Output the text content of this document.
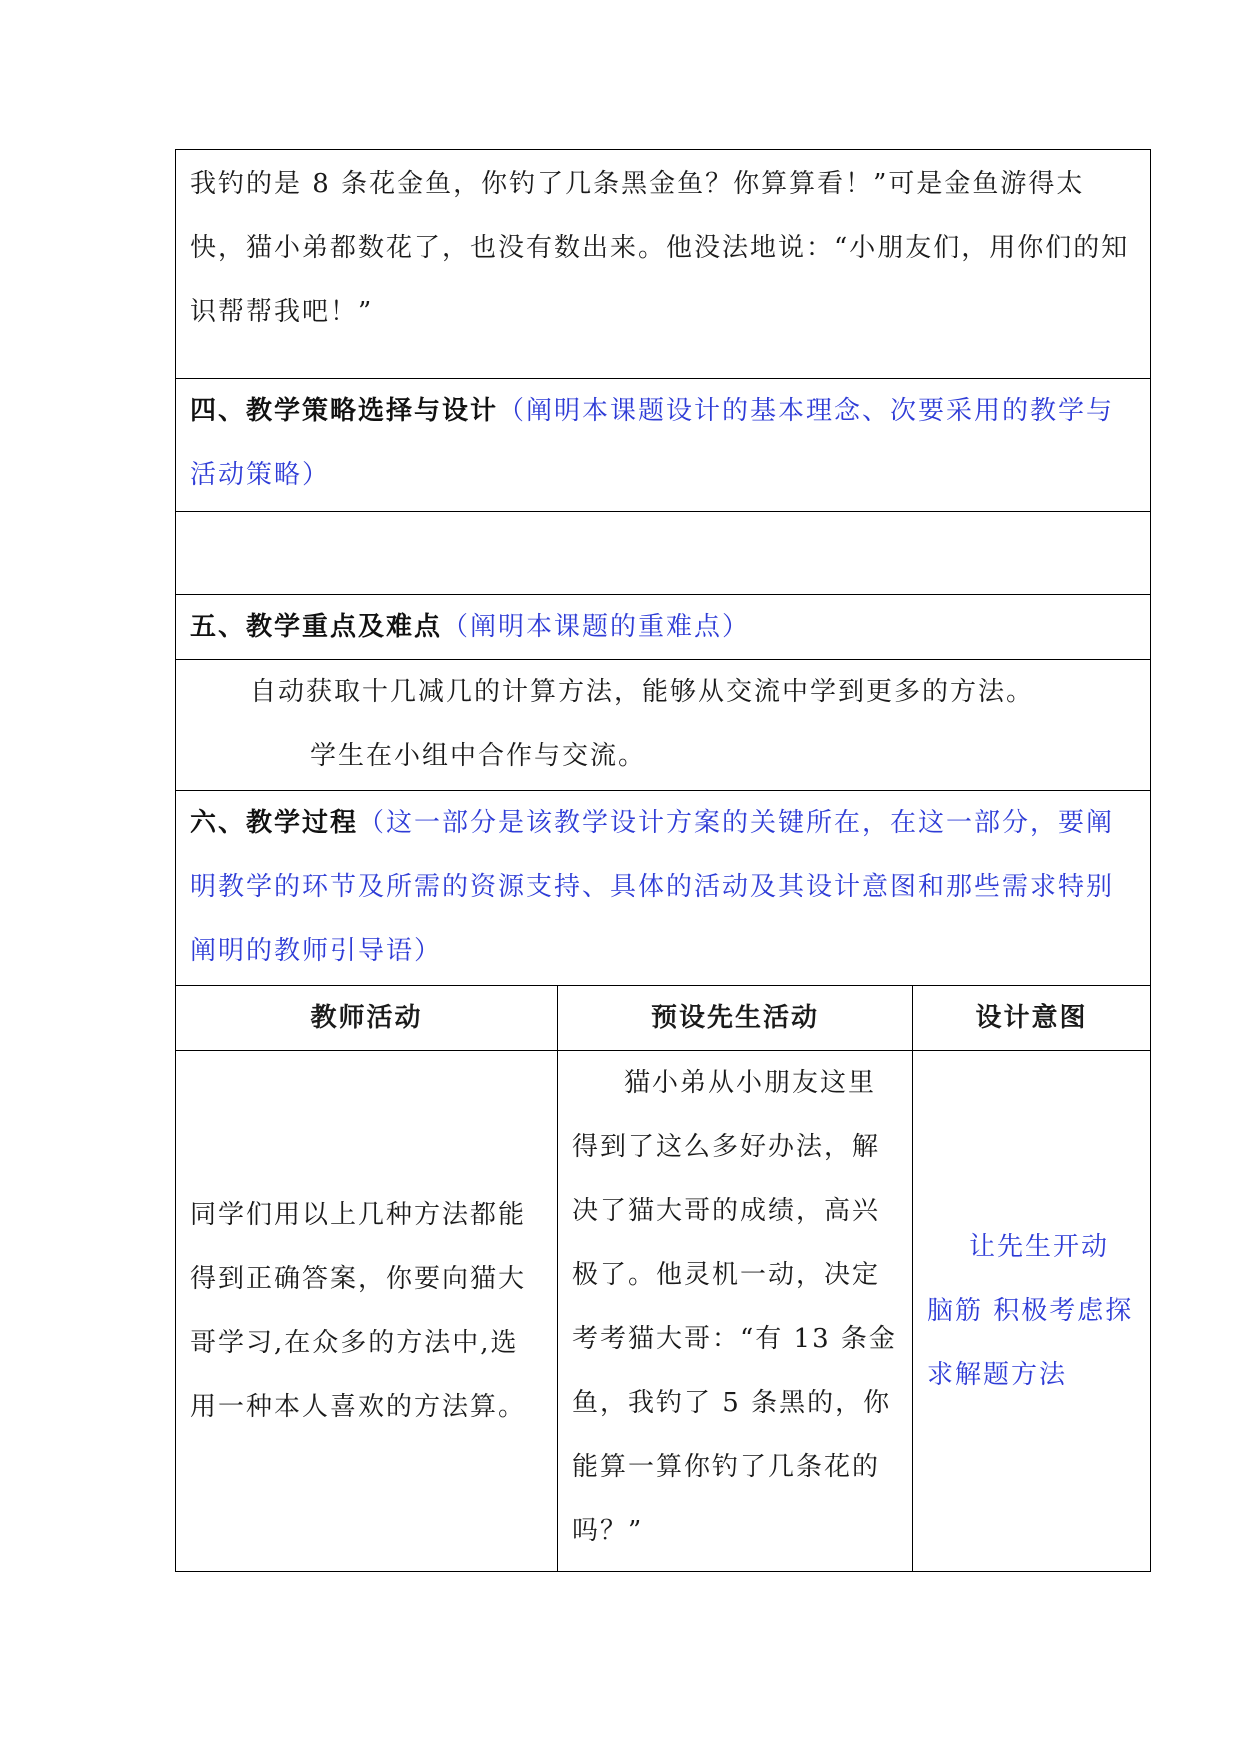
我钓的是 8 条花金鱼，你钓了几条黑金鱼？你算算看！”可是金鱼游得太快，猫小弟都数花了，也没有数出来。他没法地说：“小朋友们，用你们的知识帮帮我吧！”		
四、教学策略选择与设计（阐明本课题设计的基本理念、次要采用的教学与活动策略）		

五、教学重点及难点（阐明本课题的重难点）		

自动获取十几减几的计算方法，能够从交流中学到更多的方法。
学生在小组中合作与交流。		

六、教学过程（这一部分是该教学设计方案的关键所在，在这一部分，要阐明教学的环节及所需的资源支持、具体的活动及其设计意图和那些需求特别阐明的教师引导语）		
教师活动	预设先生活动	设计意图
同学们用以上几种方法都能得到正确答案，你要向猫大哥学习,在众多的方法中,选用一种本人喜欢的方法算。	猫小弟从小朋友这里得到了这么多好办法，解决了猫大哥的成绩，高兴极了。他灵机一动，决定考考猫大哥：“有 13 条金鱼，我钓了 5 条黑的，你能算一算你钓了几条花的吗？”	让先生开动脑筋 积极考虑探求解题方法
